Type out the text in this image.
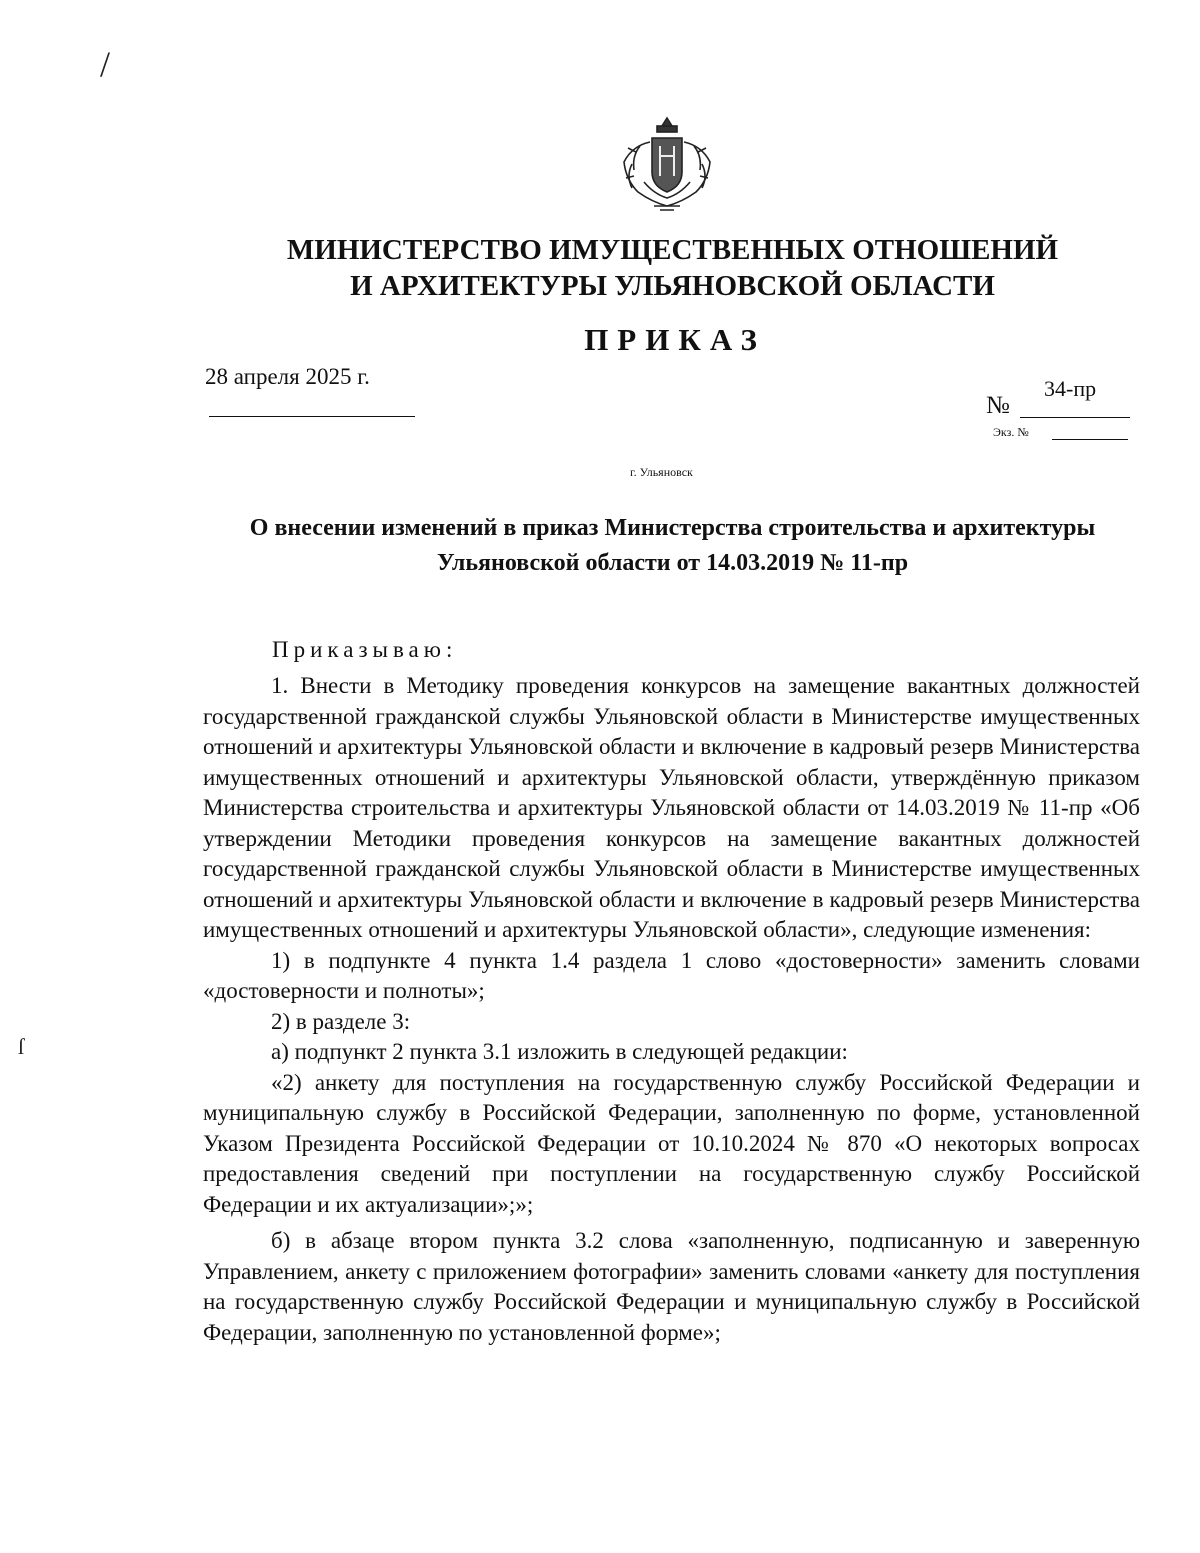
/
ſ
МИНИСТЕРСТВО ИМУЩЕСТВЕННЫХ ОТНОШЕНИЙ
И АРХИТЕКТУРЫ УЛЬЯНОВСКОЙ ОБЛАСТИ
ПРИКАЗ
28 апреля 2025 г.
№
34-пр
Экз. №
г. Ульяновск
О внесении изменений в приказ Министерства строительства и архитектуры
Ульяновской области от 14.03.2019 № 11-пр
Приказываю:

1. Внести в Методику проведения конкурсов на замещение вакантных должностей государственной гражданской службы Ульяновской области в Министерстве имущественных отношений и архитектуры Ульяновской области и включение в кадровый резерв Министерства имущественных отношений и архитектуры Ульяновской области, утверждённую приказом Министерства строительства и архитектуры Ульяновской области от 14.03.2019 № 11-пр «Об утверждении Методики проведения конкурсов на замещение вакантных должностей государственной гражданской службы Ульяновской области в Министерстве имущественных отношений и архитектуры Ульяновской области и включение в кадровый резерв Министерства имущественных отношений и архитектуры Ульяновской области», следующие изменения:

1) в подпункте 4 пункта 1.4 раздела 1 слово «достоверности» заменить словами «достоверности и полноты»;

2) в разделе 3:

а) подпункт 2 пункта 3.1 изложить в следующей редакции:

«2) анкету для поступления на государственную службу Российской Федерации и муниципальную службу в Российской Федерации, заполненную по форме, установленной Указом Президента Российской Федерации от 10.10.2024 № 870 «О некоторых вопросах предоставления сведений при поступлении на государственную службу Российской Федерации и их актуализации»;»;

б) в абзаце втором пункта 3.2 слова «заполненную, подписанную и заверенную Управлением, анкету с приложением фотографии» заменить словами «анкету для поступления на государственную службу Российской Федерации и муниципальную службу в Российской Федерации, заполненную по установленной форме»;
